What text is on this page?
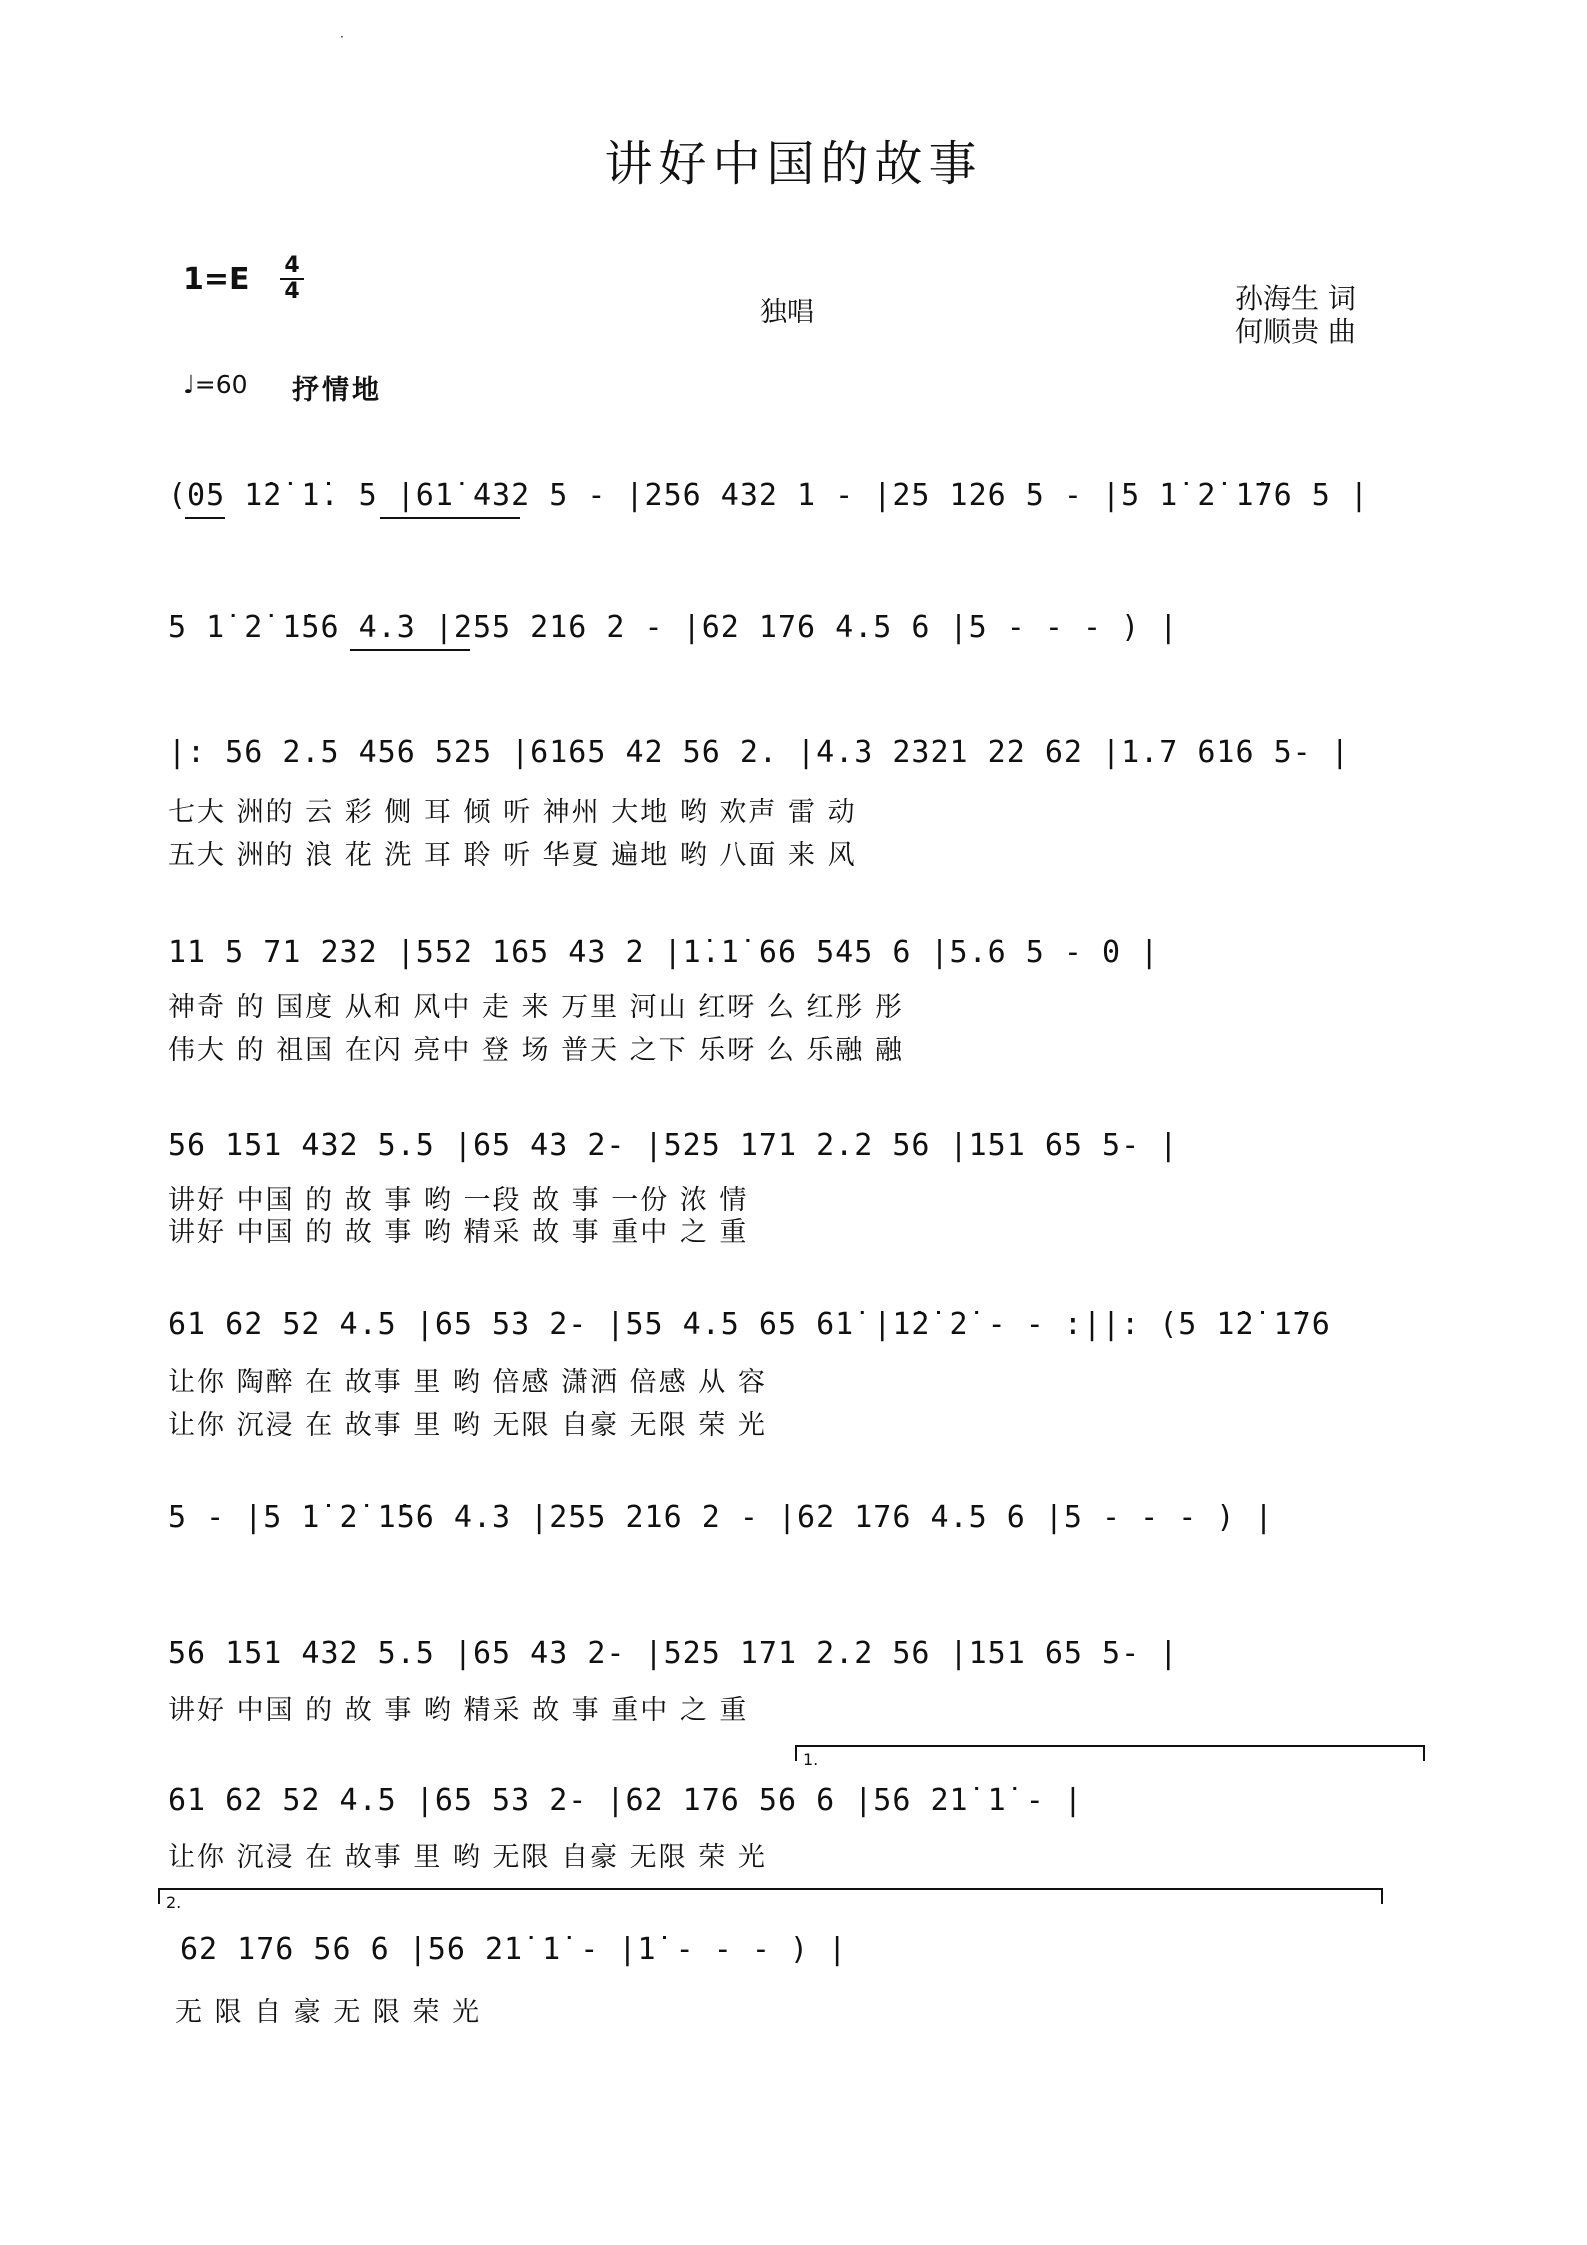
·
讲好中国的故事
1=E 4
4
独唱	孙海生 词
何顺贵 曲
♩=60 抒情地
(05 1̇2̇ 1̇. 5 |61̇ 432 5 - |256 432 1 - |25 126 5 - |5 1̇ 2̇ 1̇76 5 |
5 1̇ 2̇ 1̇56 4.3 |255 216 2 - |62 176 4.5 6 |5 - - - ) |
|: 56 2.5 456 525 |6165 42 56 2. |4.3 2321 22 62 |1.7 616 5- |
七大 洲的 云 彩 侧 耳 倾 听 神州 大地 哟 欢声 雷 动
五大 洲的 浪 花 洗 耳 聆 听 华夏 遍地 哟 八面 来 风
11 5 71 232 |552 165 43 2 |1̇.1̇ 66 545 6 |5.6 5 - 0 |
神奇 的 国度 从和 风中 走 来 万里 河山 红呀 么 红彤 彤
伟大 的 祖国 在闪 亮中 登 场 普天 之下 乐呀 么 乐融 融
56 151 432 5.5 |65 43 2- |525 171 2.2 56 |151 65 5- |
讲好 中国 的 故 事 哟 一段 故 事 一份 浓 情
讲好 中国 的 故 事 哟 精采 故 事 重中 之 重
61 62 52 4.5 |65 53 2- |55 4.5 65 61̇ |1̇2̇ 2̇ - - :||: (5 1̇2̇ 1̇76
让你 陶醉 在 故事 里 哟 倍感 潇洒 倍感 从 容
让你 沉浸 在 故事 里 哟 无限 自豪 无限 荣 光
5 - |5 1̇ 2̇ 1̇56 4.3 |255 216 2 - |62 176 4.5 6 |5 - - - ) |
56 151 432 5.5 |65 43 2- |525 171 2.2 56 |151 65 5- |
讲好 中国 的 故 事 哟 精采 故 事 重中 之 重
1.
61 62 52 4.5 |65 53 2- |62 176 56 6 |56 21̇ 1̇ - |
让你 沉浸 在 故事 里 哟 无限 自豪 无限 荣 光
2.
62 176 56 6 |56 21̇ 1̇ - |1̇ - - - ) |
无 限 自 豪 无 限 荣 光
